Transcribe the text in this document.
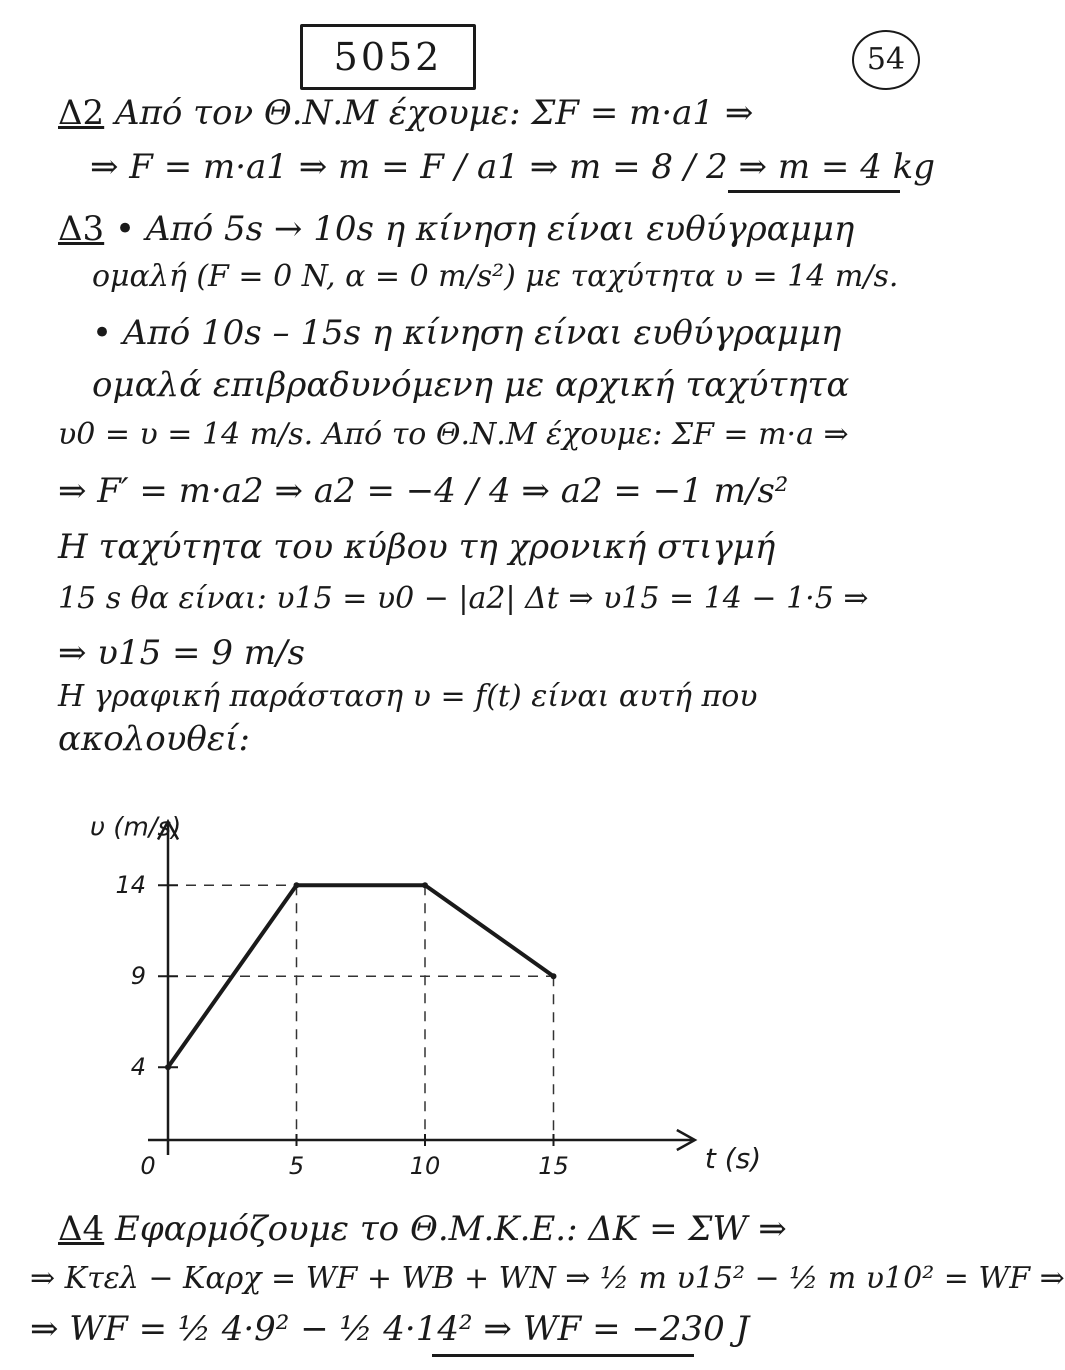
5052	54
Δ2 Από τον Θ.Ν.Μ έχουμε: ΣF = m·a1 ⇒
⇒ F = m·a1 ⇒ m = F / a1 ⇒ m = 8 / 2 ⇒ m = 4 kg
Δ3 • Από 5s → 10s η κίνηση είναι ευθύγραμμη
ομαλή (F = 0 N, α = 0 m/s²) με ταχύτητα υ = 14 m/s.
• Από 10s – 15s η κίνηση είναι ευθύγραμμη
ομαλά επιβραδυνόμενη με αρχική ταχύτητα
υ0 = υ = 14 m/s. Από το Θ.Ν.Μ έχουμε: ΣF = m·a ⇒
⇒ F′ = m·a2 ⇒ a2 = −4 / 4 ⇒ a2 = −1 m/s²
Η ταχύτητα του κύβου τη χρονική στιγμή
15 s θα είναι: υ15 = υ0 − |a2| Δt ⇒ υ15 = 14 − 1·5 ⇒
⇒ υ15 = 9 m/s
Η γραφική παράσταση υ = f(t) είναι αυτή που
ακολουθεί:
0	5	10	15
4
9
14
t (s)
υ (m/s)
Δ4 Εφαρμόζουμε το Θ.Μ.Κ.Ε.: ΔΚ = ΣW ⇒
⇒ Kτελ − Kαρχ = WF + WB + WN ⇒ ½ m υ15² − ½ m υ10² = WF ⇒
⇒ WF = ½ 4·9² − ½ 4·14² ⇒ WF = −230 J
